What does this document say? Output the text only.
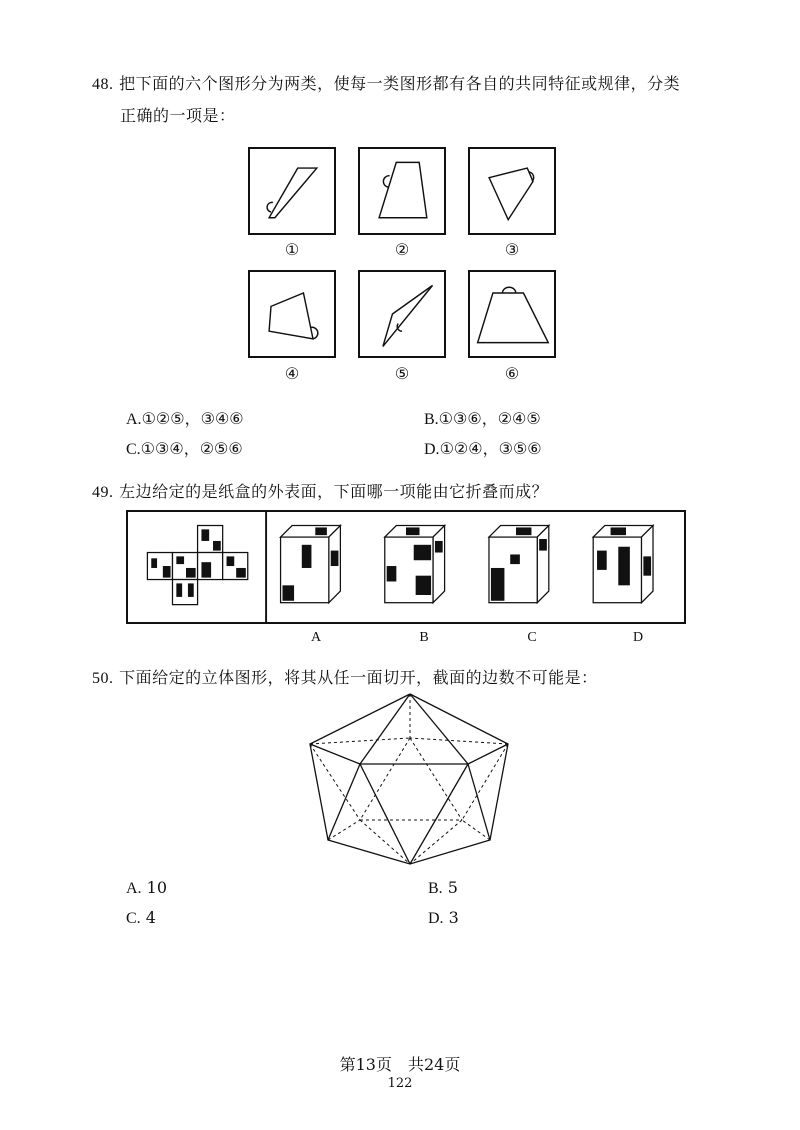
48. 把下面的六个图形分为两类，使每一类图形都有各自的共同特征或规律，分类
正确的一项是：
①	②	③
④	⑤	⑥
A.①②⑤，③④⑥	B.①③⑥，②④⑤
C.①③④，②⑤⑥	D.①②④，③⑤⑥
49. 左边给定的是纸盒的外表面，下面哪一项能由它折叠而成？
A	B	C	D
50. 下面给定的立体图形，将其从任一面切开，截面的边数不可能是：
A. 10	B. 5
C. 4	D. 3
第13页　共24页
122
